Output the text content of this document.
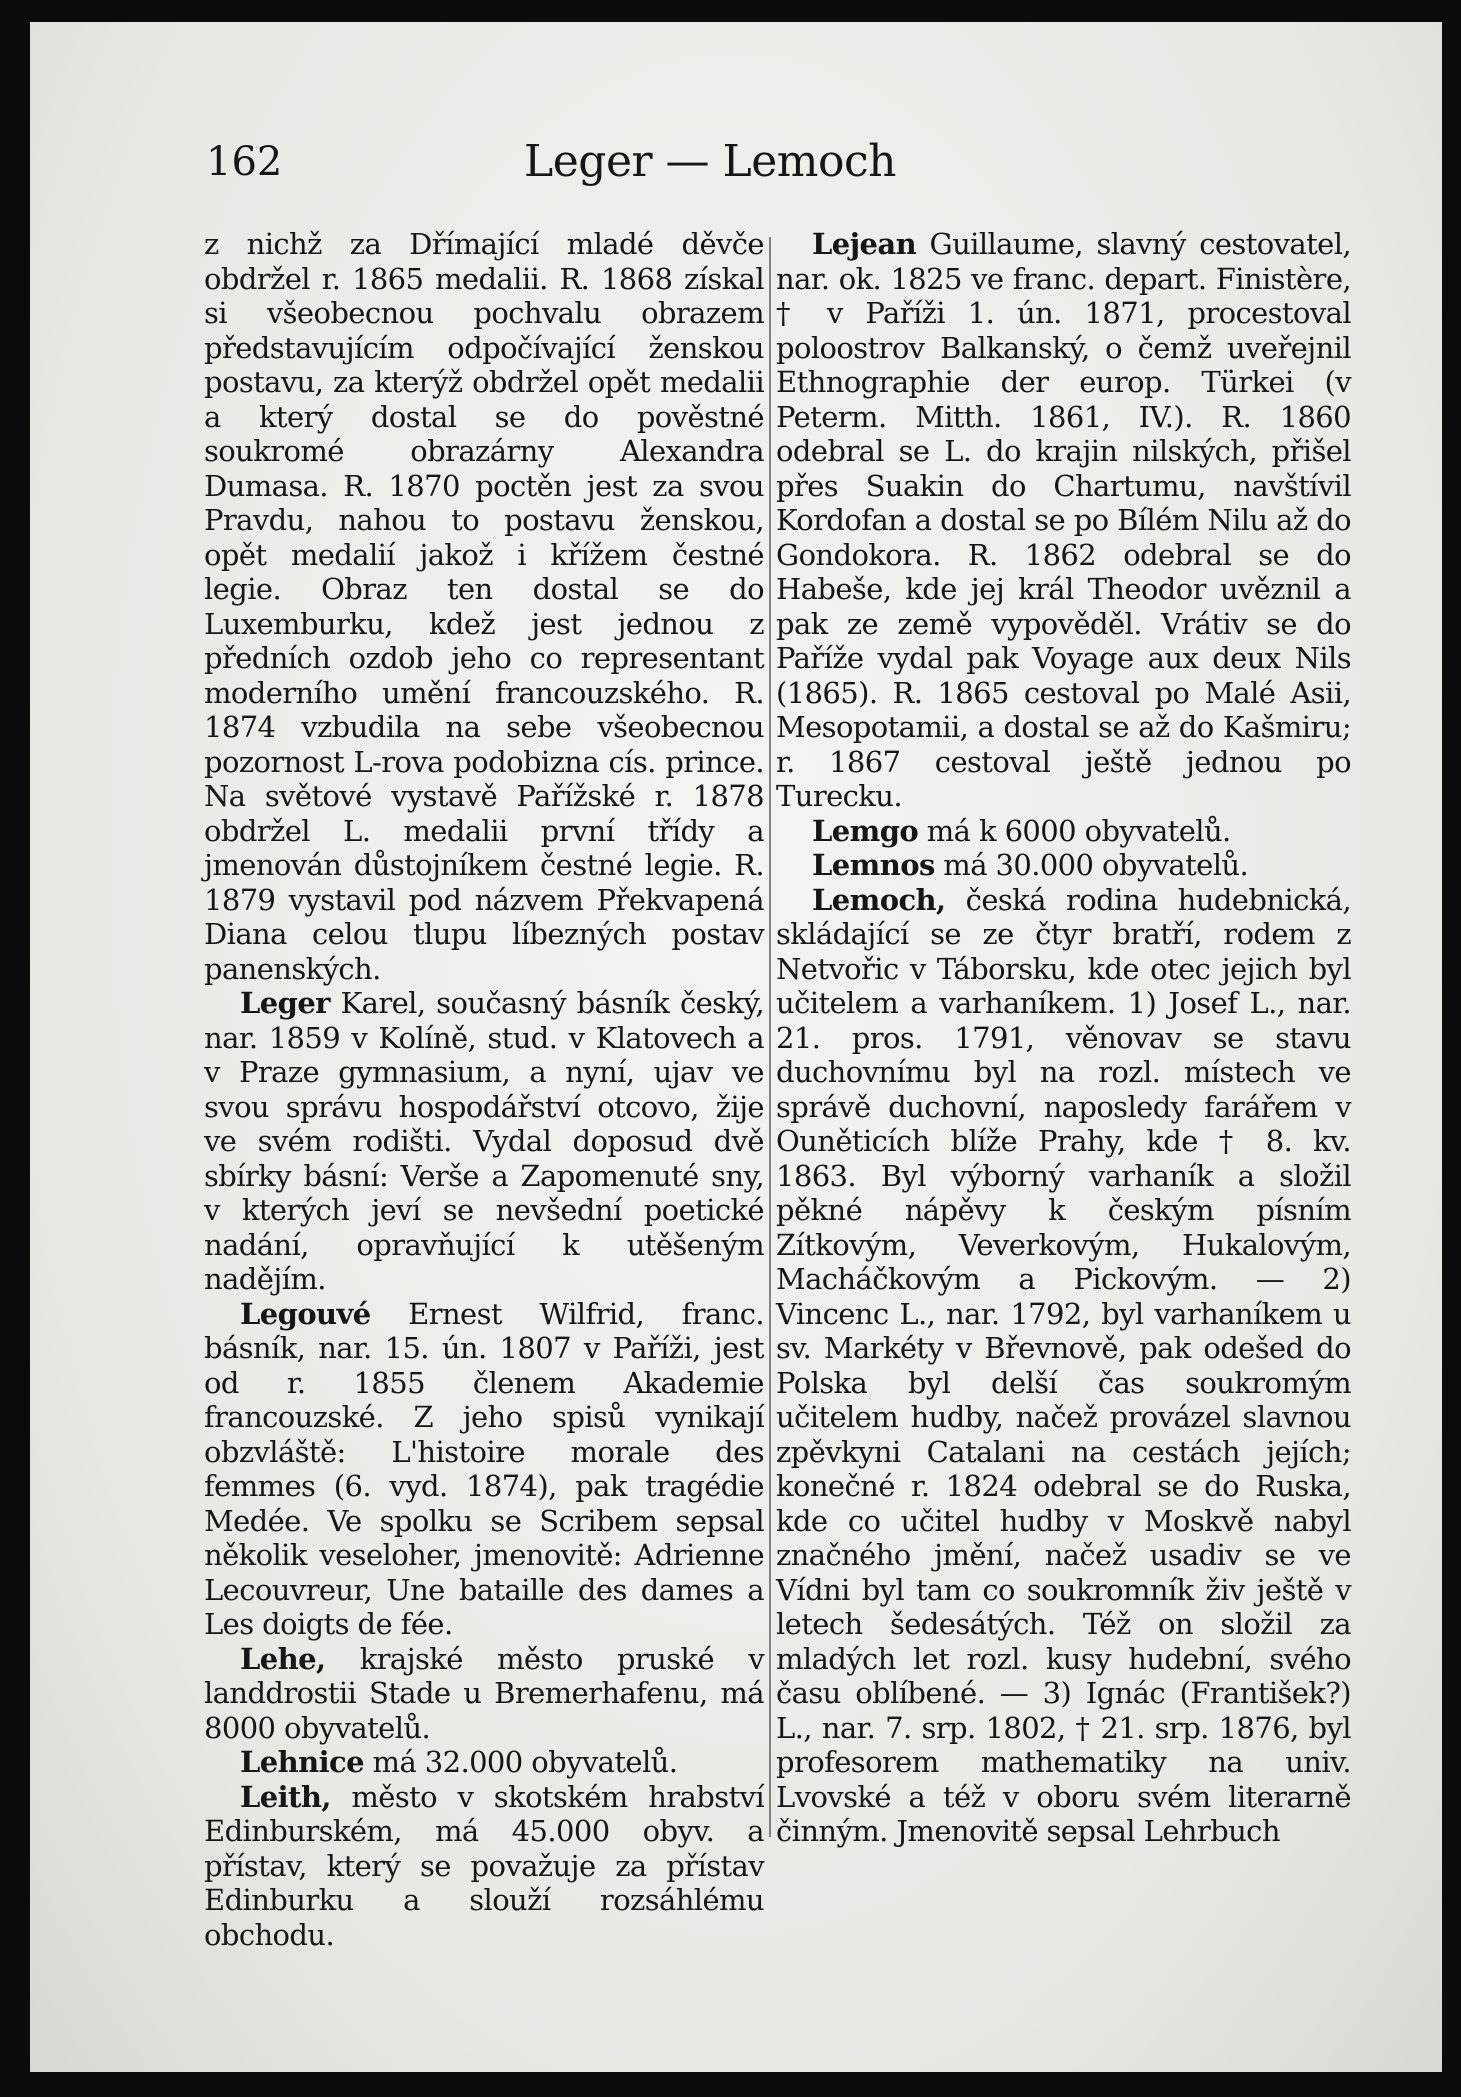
162	Leger — Lemoch

z nichž za Dřímající mladé děvče obdržel r. 1865 medalii. R. 1868 získal si všeobecnou pochvalu obrazem představujícím odpočívající ženskou postavu, za kterýž obdržel opět medalii a který dostal se do pověstné soukromé obrazárny Alexandra Dumasa. R. 1870 poctěn jest za svou Pravdu, nahou to postavu ženskou, opět medalií jakož i křížem čestné legie. Obraz ten dostal se do Luxemburku, kdež jest jednou z předních ozdob jeho co representant moderního umění francouzského. R. 1874 vzbudila na sebe všeobecnou pozornost L-rova podobizna cís. prince. Na světové vystavě Pařížské r. 1878 obdržel L. medalii první třídy a jmenován důstojníkem čestné legie. R. 1879 vystavil pod názvem Překvapená Diana celou tlupu líbezných postav panenských.

Leger Karel, současný básník český, nar. 1859 v Kolíně, stud. v Klatovech a v Praze gymnasium, a nyní, ujav ve svou správu hospodářství otcovo, žije ve svém rodišti. Vydal doposud dvě sbírky básní: Verše a Zapomenuté sny, v kterých jeví se nevšední poetické nadání, opravňující k utěšeným nadějím.

Legouvé Ernest Wilfrid, franc. básník, nar. 15. ún. 1807 v Paříži, jest od r. 1855 členem Akademie francouzské. Z jeho spisů vynikají obzvláště: L'histoire morale des femmes (6. vyd. 1874), pak tragédie Medée. Ve spolku se Scribem sepsal několik veseloher, jmenovitě: Adrienne Lecouvreur, Une bataille des dames a Les doigts de fée.

Lehe, krajské město pruské v landdrostii Stade u Bremerhafenu, má 8000 obyvatelů.

Lehnice má 32.000 obyvatelů.

Leith, město v skotském hrabství Edinburském, má 45.000 obyv. a přístav, který se považuje za přístav Edinburku a slouží rozsáhlému obchodu.

Lejean Guillaume, slavný cestovatel, nar. ok. 1825 ve franc. depart. Finistère, † v Paříži 1. ún. 1871, procestoval poloostrov Balkanský, o čemž uveřejnil Ethnographie der europ. Türkei (v Peterm. Mitth. 1861, IV.). R. 1860 odebral se L. do krajin nilských, přišel přes Suakin do Chartumu, navštívil Kordofan a dostal se po Bílém Nilu až do Gondokora. R. 1862 odebral se do Habeše, kde jej král Theodor uvěznil a pak ze země vypověděl. Vrátiv se do Paříže vydal pak Voyage aux deux Nils (1865). R. 1865 cestoval po Malé Asii, Mesopotamii, a dostal se až do Kašmiru; r. 1867 cestoval ještě jednou po Turecku.

Lemgo má k 6000 obyvatelů.

Lemnos má 30.000 obyvatelů.

Lemoch, česká rodina hudebnická, skládající se ze čtyr bratří, rodem z Netvořic v Táborsku, kde otec jejich byl učitelem a varhaníkem. 1) Josef L., nar. 21. pros. 1791, věnovav se stavu duchovnímu byl na rozl. místech ve správě duchovní, naposledy farářem v Ouněticích blíže Prahy, kde † 8. kv. 1863. Byl výborný varhaník a složil pěkné nápěvy k českým písním Zítkovým, Veverkovým, Hukalovým, Macháčkovým a Pickovým. — 2) Vincenc L., nar. 1792, byl varhaníkem u sv. Markéty v Břevnově, pak odešed do Polska byl delší čas soukromým učitelem hudby, načež provázel slavnou zpěvkyni Catalani na cestách jejích; konečné r. 1824 odebral se do Ruska, kde co učitel hudby v Moskvě nabyl značného jmění, načež usadiv se ve Vídni byl tam co soukromník živ ještě v letech šedesátých. Též on složil za mladých let rozl. kusy hudební, svého času oblíbené. — 3) Ignác (František?) L., nar. 7. srp. 1802, † 21. srp. 1876, byl profesorem mathematiky na univ. Lvovské a též v oboru svém literarně činným. Jmenovitě sepsal Lehrbuch
